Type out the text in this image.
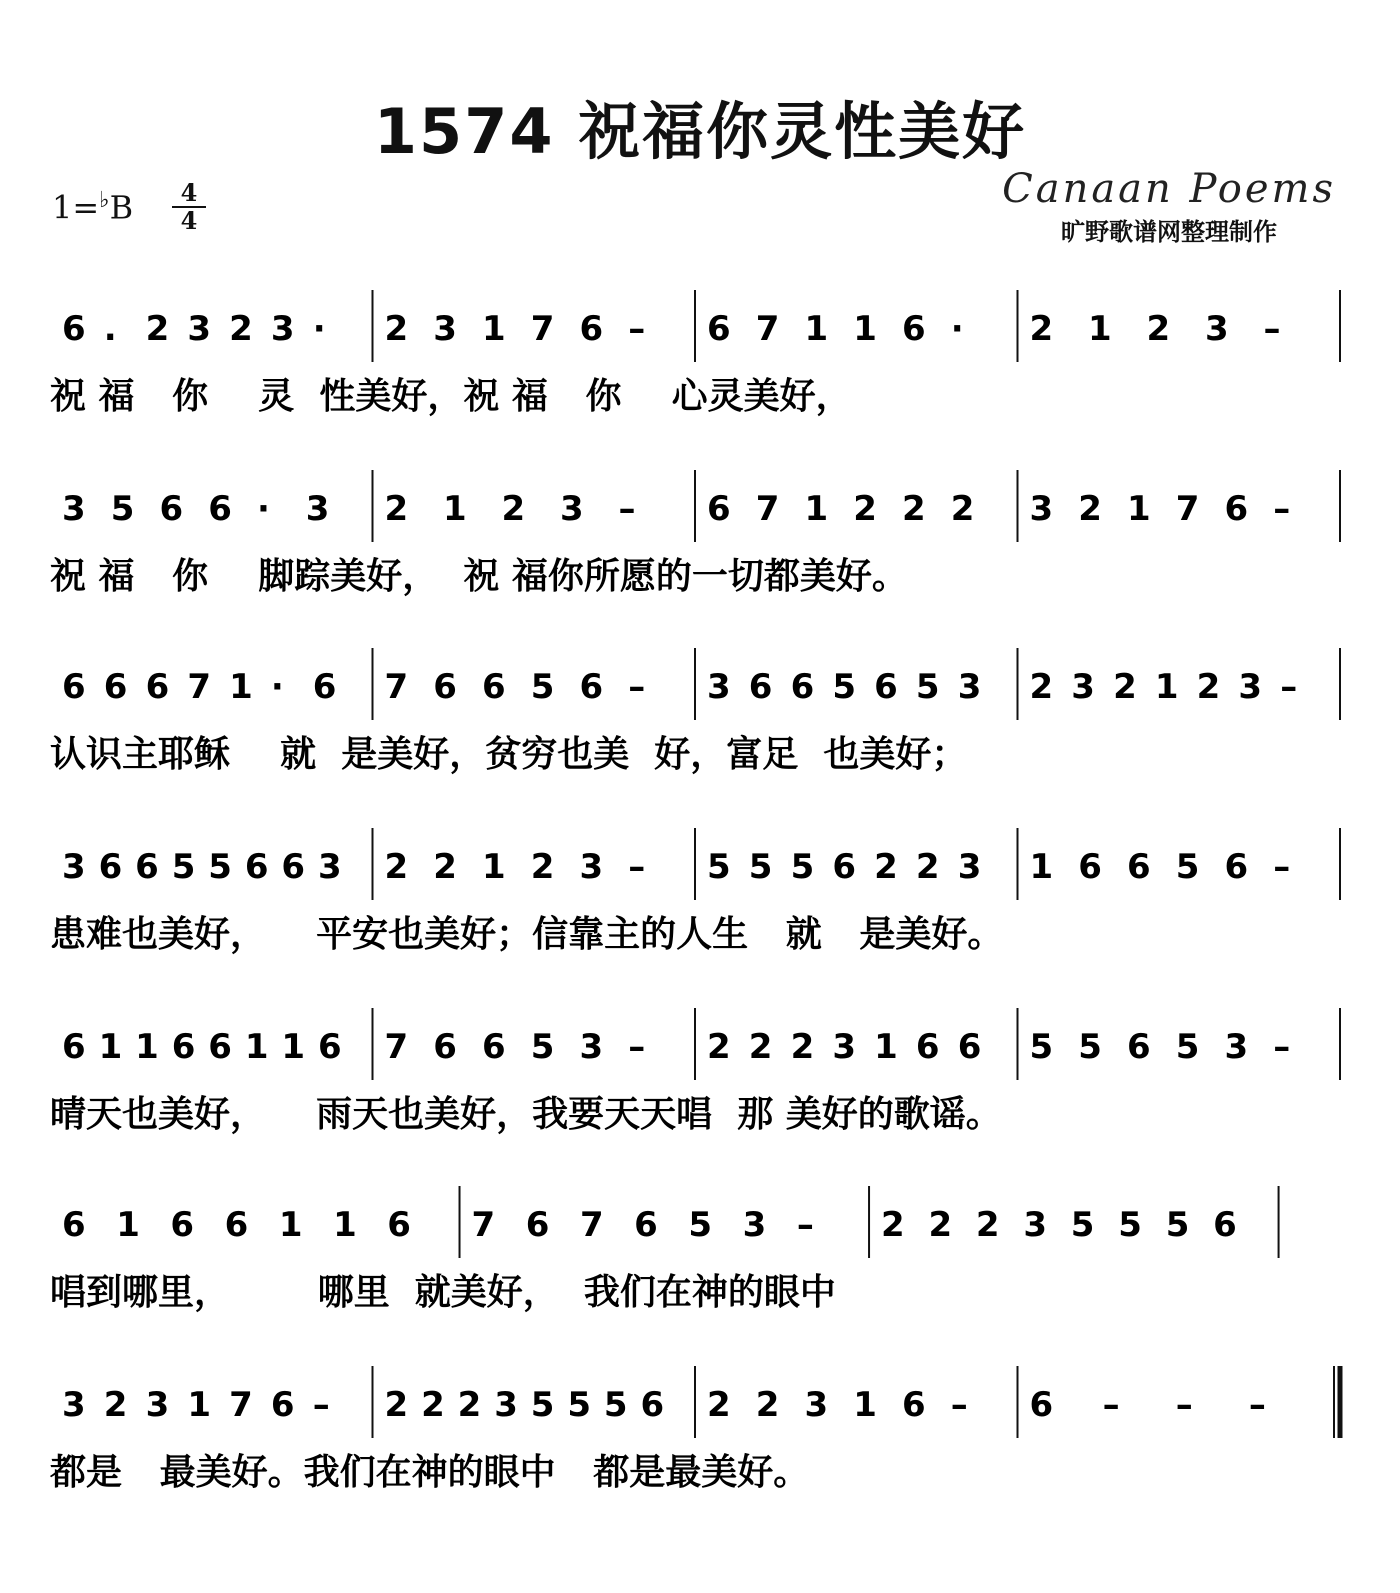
1574 祝福你灵性美好
1=♭B	4
4
Canaan Poems
旷野歌谱网整理制作
6 . 2 3 2 3 · 2 3 1 7 6 – 6 7 1 1 6 · 2 1 2 3 –
祝 福   你    灵  性美好，祝 福   你    心灵美好，
3 5 6 6 · 3 2 1 2 3 – 6 7 1 2 2 2 3 2 1 7 6 –
祝 福   你    脚踪美好，  祝 福你所愿的一切都美好。
6 6 6 7 1 · 6 7 6 6 5 6 – 3 6 6 5 6 5 3 2 3 2 1 2 3 –
认识主耶稣    就  是美好，贫穷也美  好，富足  也美好；
3 6 6 5 5 6 6 3 2 2 1 2 3 – 5 5 5 6 2 2 3 1 6 6 5 6 –
患难也美好，    平安也美好；信靠主的人生   就   是美好。
6 1 1 6 6 1 1 6 7 6 6 5 3 – 2 2 2 3 1 6 6 5 5 6 5 3 –
晴天也美好，    雨天也美好，我要天天唱  那 美好的歌谣。
6 1 6 6 1 1 6 7 6 7 6 5 3 – 2 2 2 3 5 5 5 6
唱到哪里，       哪里  就美好，  我们在神的眼中
3 2 3 1 7 6 – 2 2 2 3 5 5 5 6 2 2 3 1 6 – 6 – – –
都是   最美好。我们在神的眼中   都是最美好。
